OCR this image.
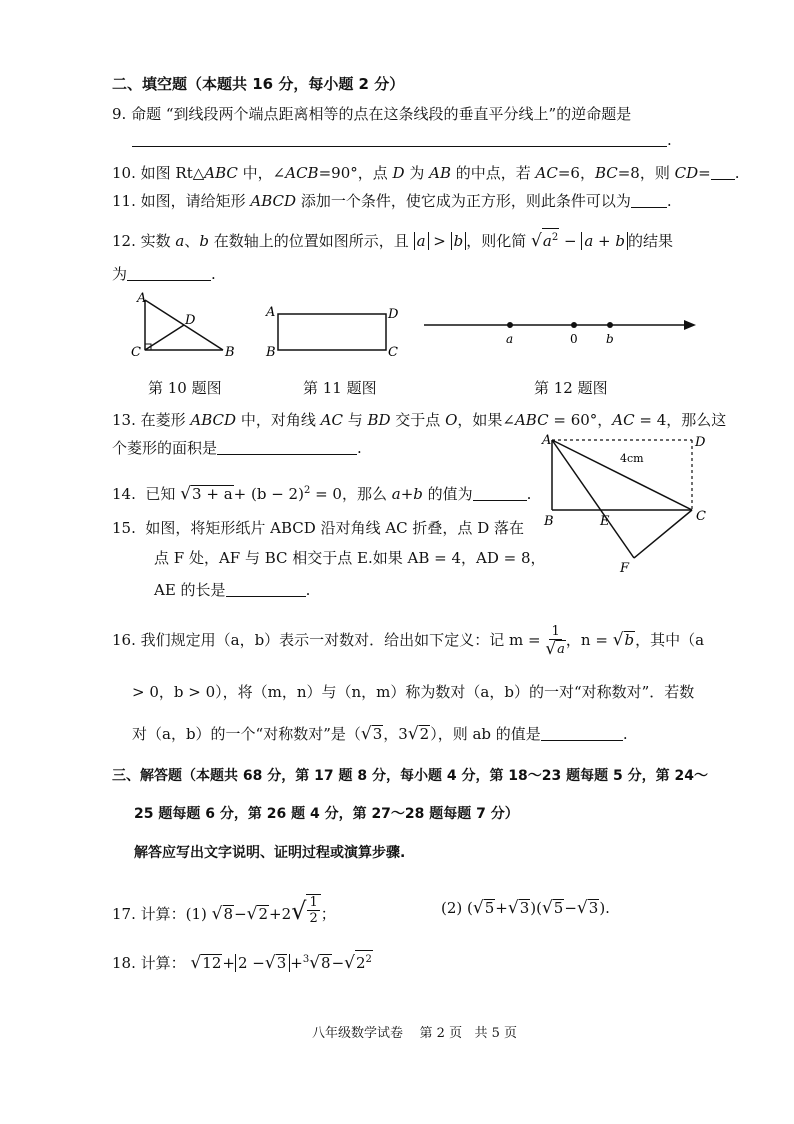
二、填空题（本题共 16 分，每小题 2 分）
9. 命题 “到线段两个端点距离相等的点在这条线段的垂直平分线上”的逆命题是
.
10. 如图 Rt△ABC 中，∠ACB=90°，点 D 为 AB 的中点，若 AC=6，BC=8，则 CD= .
11. 如图，请给矩形 ABCD 添加一个条件，使它成为正方形，则此条件可以为 .
12. 实数 a、b 在数轴上的位置如图所示，且 a > b ，则化简 √ $a^2 - a + b$ 的结果
为	.
A
D
C	B
A	D
B	C
a	0 b
第 10 题图	第 11 题图	第 12 题图
13. 在菱形 ABCD 中，对角线 AC 与 BD 交于点 O，如果∠ABC = 60°，AC = 4，那么这
个菱形的面积是	.	A	D
4cm
B	E	C
F
14. 已知 √ $3 + a + (b - 2)^2 = 0$，那么 a+b 的值为	.
15. 如图，将矩形纸片 ABCD 沿对角线 AC 折叠，点 D 落在
点 F 处，AF 与 BC 相交于点 E.如果 AB = 4，AD = 8，
AE 的长是	.
16. 我们规定用（a，b）表示一对数对．给出如下定义：记 $m = \frac{1}{√ a}$ ，n = √ b ，其中（a
> 0，b > 0），将（m，n）与（n，m）称为数对（a，b）的一对“对称数对”．若数
对（a，b）的一个“对称数对”是（ √ 3 ，3 √ 2 ），则 ab 的值是	.
三、解答题（本题共 68 分，第 17 题 8 分，每小题 4 分，第 18～23 题每题 5 分，第 24～
25 题每题 6 分，第 26 题 4 分，第 27～28 题每题 7 分）
解答应写出文字说明、证明过程或演算步骤.
17. 计算：(1) √ 8 − √ 2 +2 √ $\frac{1}{2}$ ；	(2) ( √ 5 + √ 3 )( √ 5 − √ 3 ).
18. 计算： √ 12 + 2 − √ 3 +$^3$ √ 8 − √ $2^2$
八年级数学试卷 第 2 页 共 5 页
